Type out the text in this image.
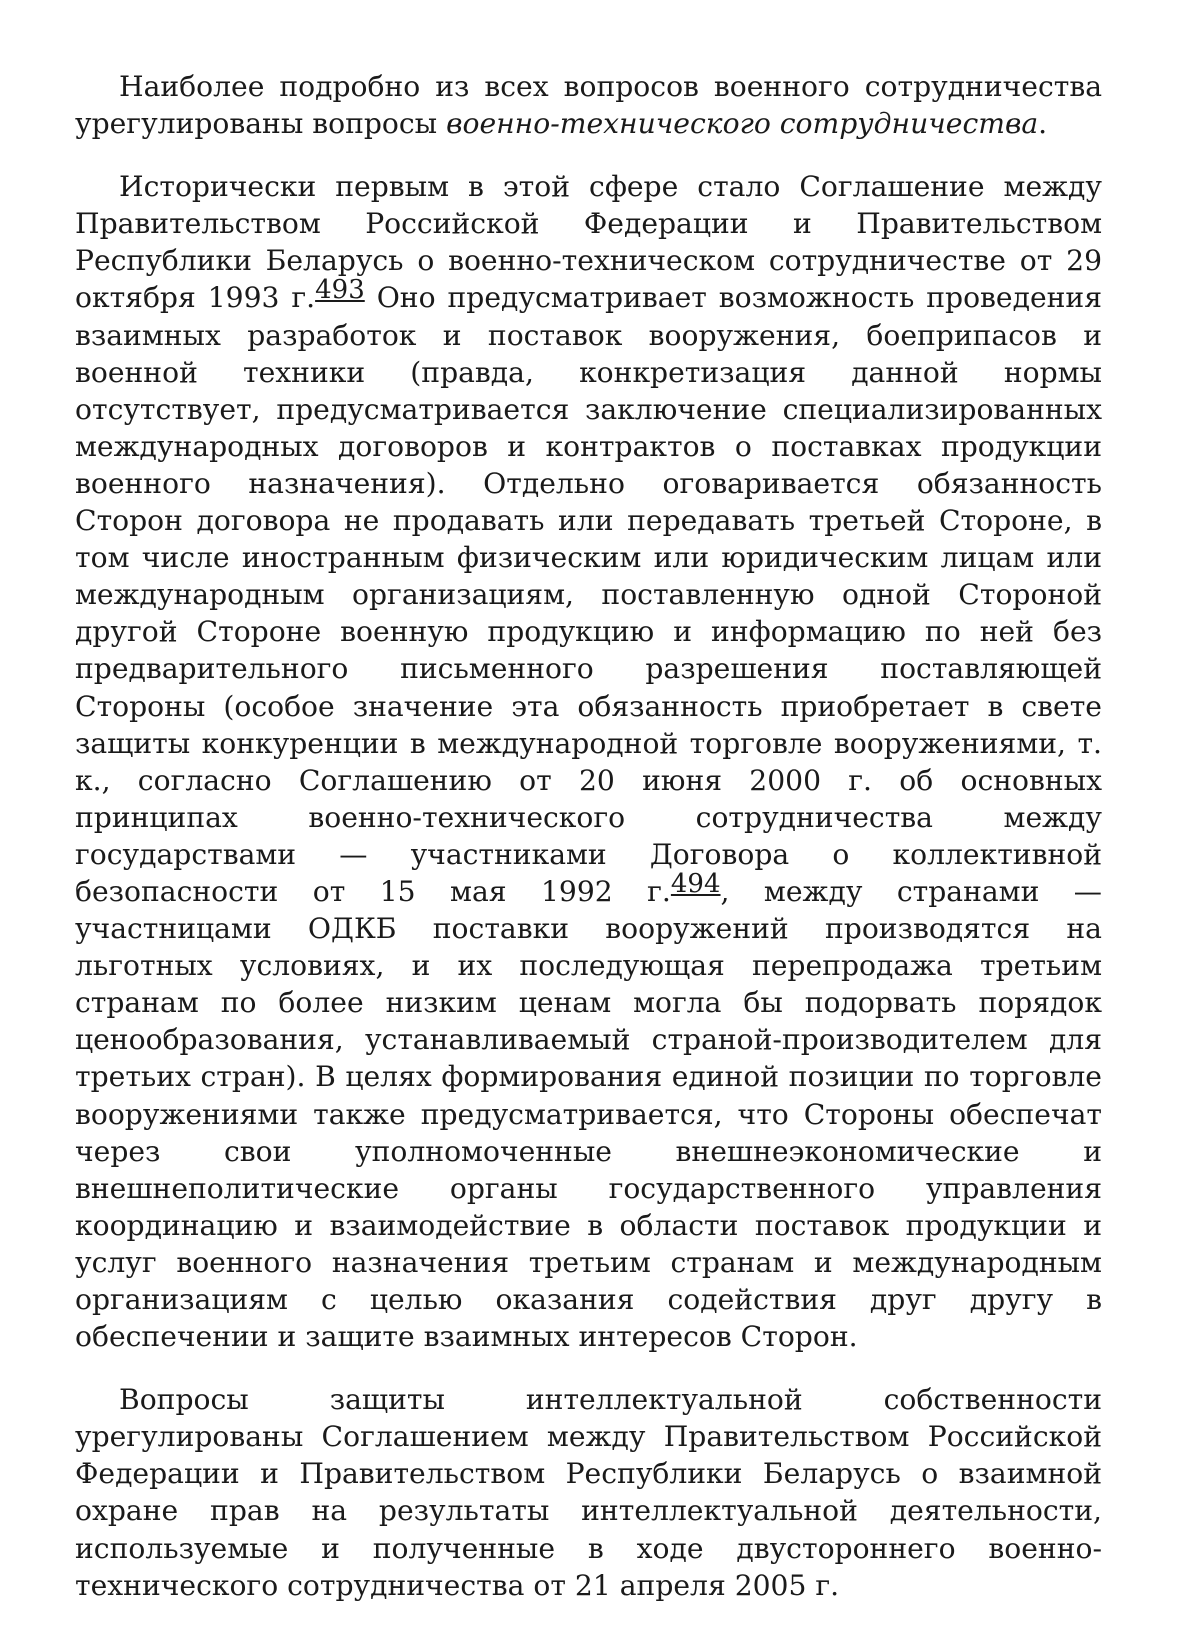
Наиболее подробно из всех вопросов военного сотрудничества урегулированы вопросы военно-технического сотрудничества.

Исторически первым в этой сфере стало Соглашение между Правительством Российской Федерации и Правительством Республики Беларусь о военно-техническом сотрудничестве от 29 октября 1993 г.493 Оно предусматривает возможность проведения взаимных разработок и поставок вооружения, боеприпасов и военной техники (правда, конкретизация данной нормы отсутствует, предусматривается заключение специализированных международных договоров и контрактов о поставках продукции военного назначения). Отдельно оговаривается обязанность Сторон договора не продавать или передавать третьей Стороне, в том числе иностранным физическим или юридическим лицам или международным организациям, поставленную одной Стороной другой Стороне военную продукцию и информацию по ней без предварительного письменного разрешения поставляющей Стороны (особое значение эта обязанность приобретает в свете защиты конкуренции в международной торговле вооружениями, т. к., согласно Соглашению от 20 июня 2000 г. об основных принципах военно-технического сотрудничества между государствами — участниками Договора о коллективной безопасности от 15 мая 1992 г.494, между странами — участницами ОДКБ поставки вооружений производятся на льготных условиях, и их последующая перепродажа третьим странам по более низким ценам могла бы подорвать порядок ценообразования, устанавливаемый страной-производителем для третьих стран). В целях формирования единой позиции по торговле вооружениями также предусматривается, что Стороны обеспечат через свои уполномоченные внешнеэкономические и внешнеполитические органы государственного управления координацию и взаимодействие в области поставок продукции и услуг военного назначения третьим странам и международным организациям с целью оказания содействия друг другу в обеспечении и защите взаимных интересов Сторон.

Вопросы защиты интеллектуальной собственности урегулированы Соглашением между Правительством Российской Федерации и Правительством Республики Беларусь о взаимной охране прав на результаты интеллектуальной деятельности, используемые и полученные в ходе двустороннего военно-технического сотрудничества от 21 апреля 2005 г.
